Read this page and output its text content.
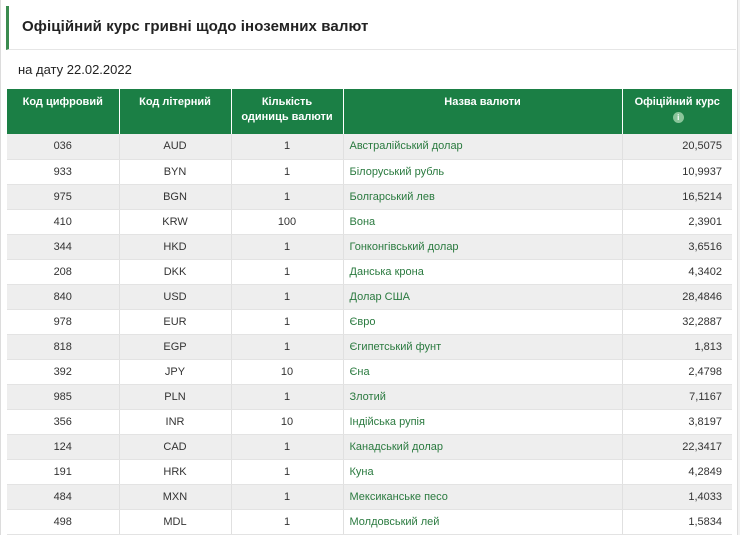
Офіційний курс гривні щодо іноземних валют
на дату 22.02.2022
Код цифровий	Код літерний	Кількість одиниць валюти	Назва валюти	Офіційний курсi
036	AUD	1	Австралійський долар	20,5075
933	BYN	1	Білоруський рубль	10,9937
975	BGN	1	Болгарський лев	16,5214
410	KRW	100	Вона	2,3901
344	HKD	1	Гонконгівський долар	3,6516
208	DKK	1	Данська крона	4,3402
840	USD	1	Долар США	28,4846
978	EUR	1	Євро	32,2887
818	EGP	1	Єгипетський фунт	1,813
392	JPY	10	Єна	2,4798
985	PLN	1	Злотий	7,1167
356	INR	10	Індійська рупія	3,8197
124	CAD	1	Канадський долар	22,3417
191	HRK	1	Куна	4,2849
484	MXN	1	Мексиканське песо	1,4033
498	MDL	1	Молдовський лей	1,5834
